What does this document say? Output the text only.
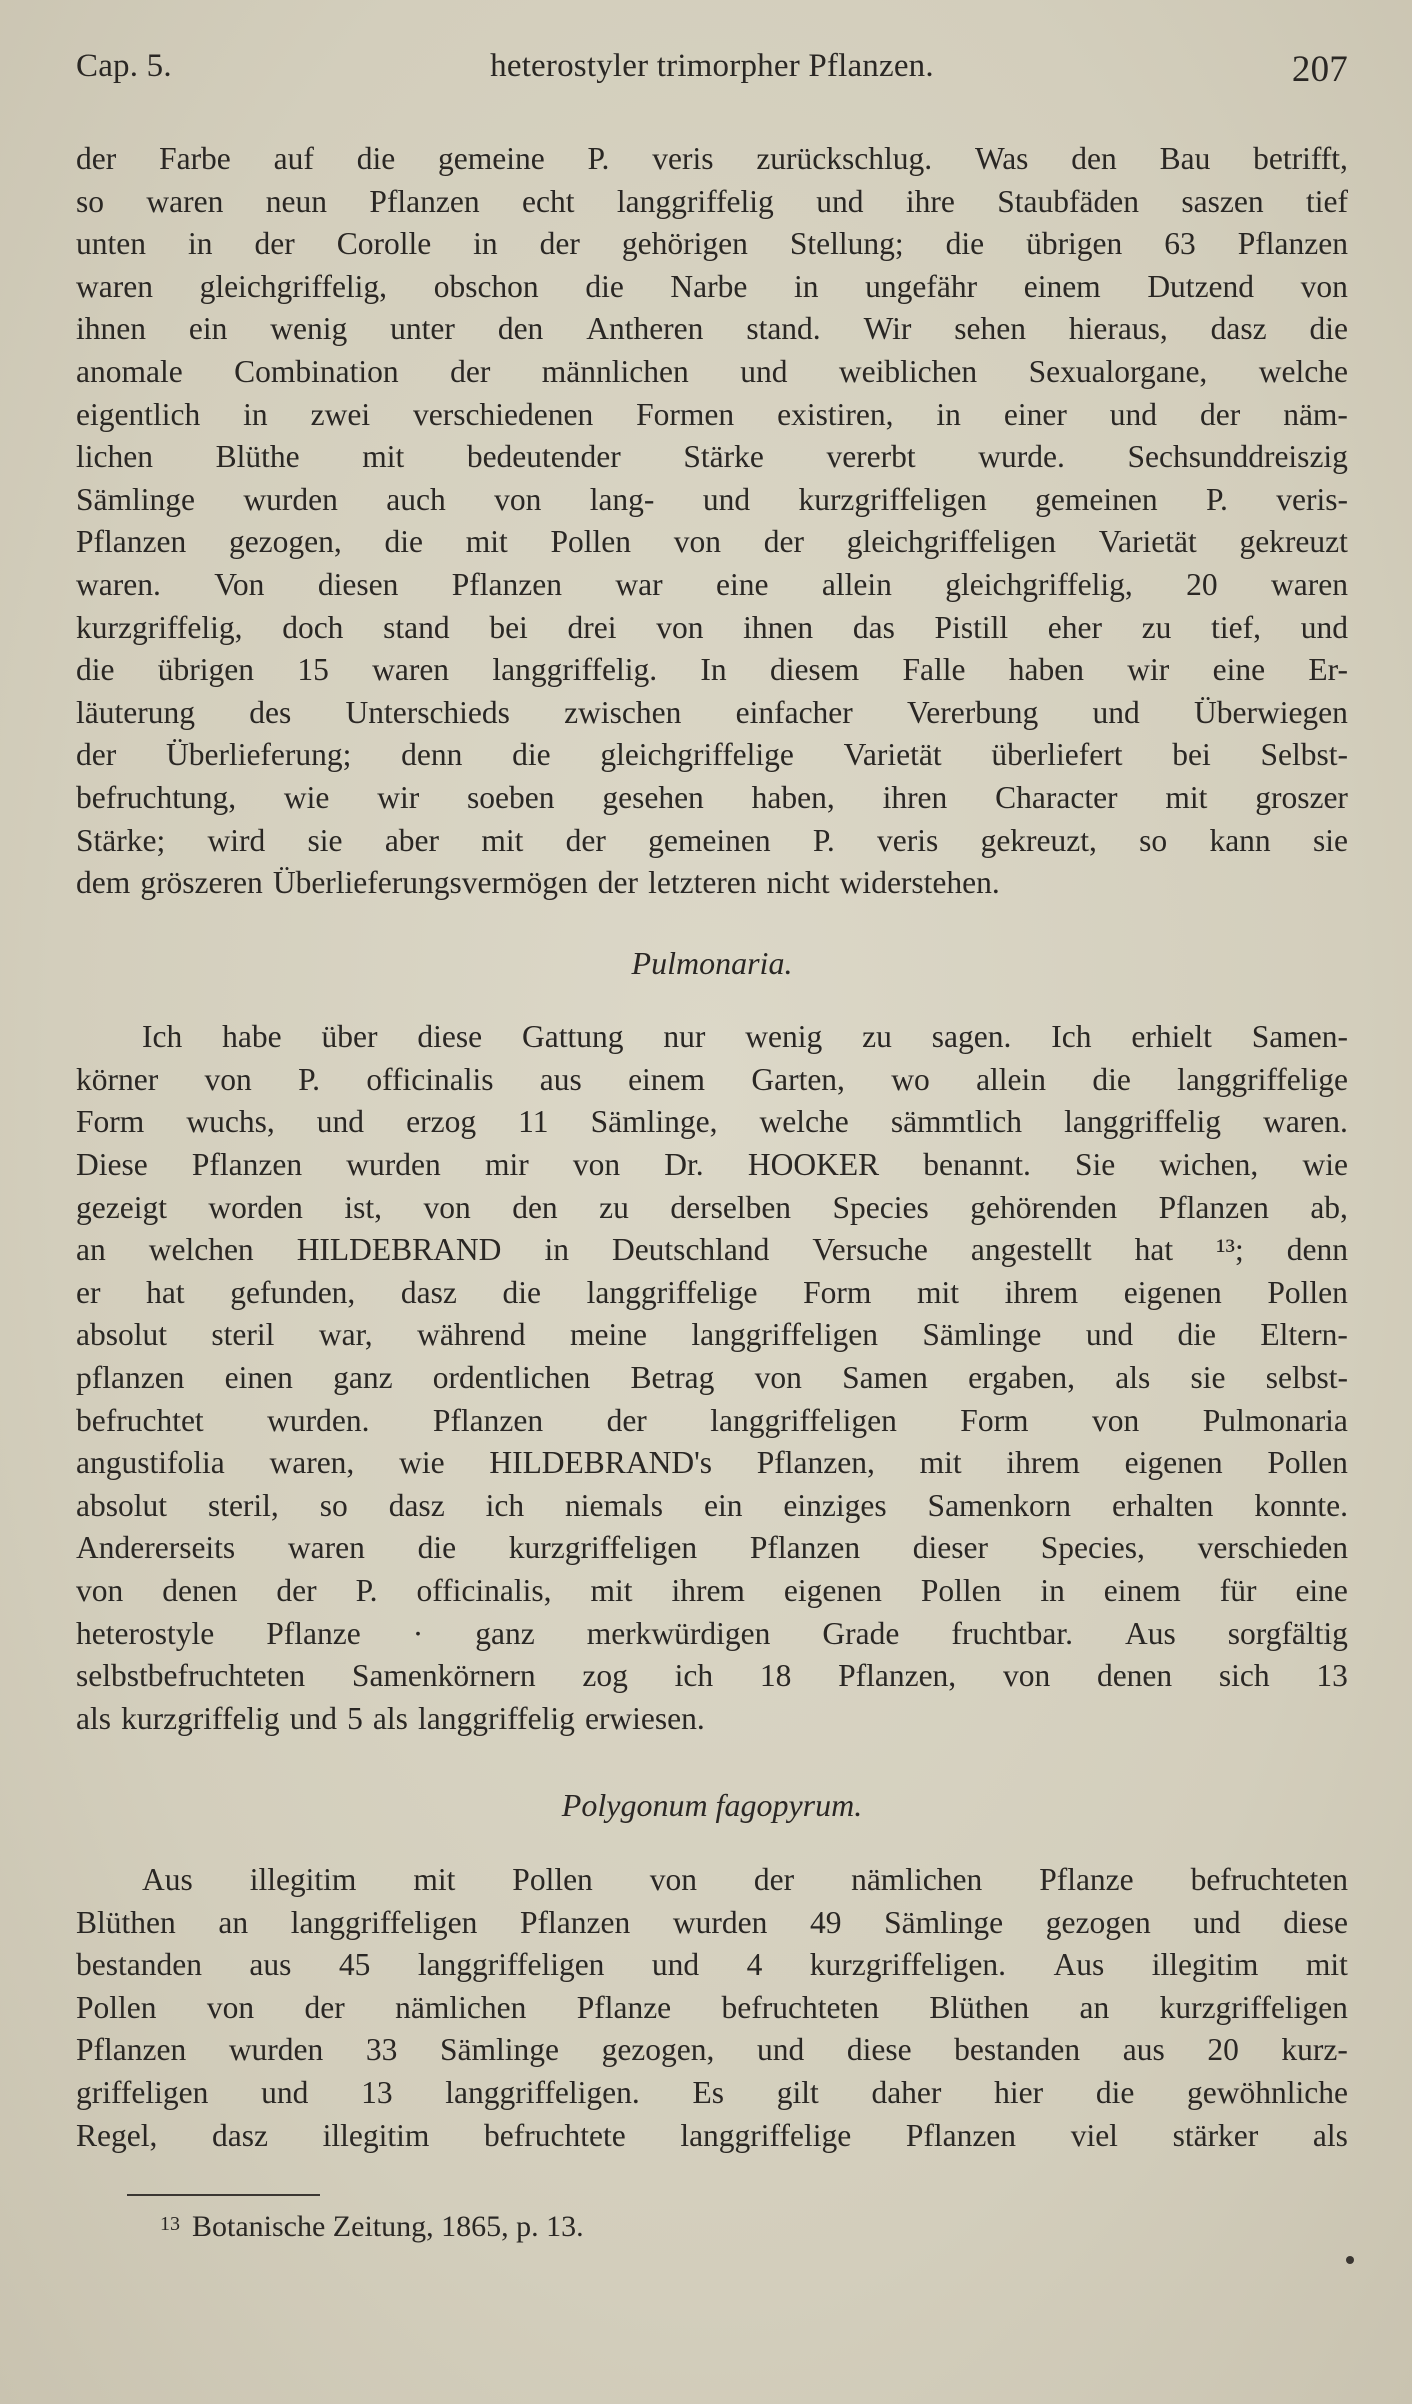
Cap. 5.	heterostyler trimorpher Pflanzen.	207
der Farbe auf die gemeine P. veris zurückschlug. Was den Bau betrifft,
so waren neun Pflanzen echt langgriffelig und ihre Staubfäden saszen tief
unten in der Corolle in der gehörigen Stellung; die übrigen 63 Pflanzen
waren gleichgriffelig, obschon die Narbe in ungefähr einem Dutzend von
ihnen ein wenig unter den Antheren stand. Wir sehen hieraus, dasz die
anomale Combination der männlichen und weiblichen Sexualorgane, welche
eigentlich in zwei verschiedenen Formen existiren, in einer und der näm-
lichen Blüthe mit bedeutender Stärke vererbt wurde. Sechsunddreiszig
Sämlinge wurden auch von lang- und kurzgriffeligen gemeinen P. veris-
Pflanzen gezogen, die mit Pollen von der gleichgriffeligen Varietät gekreuzt
waren. Von diesen Pflanzen war eine allein gleichgriffelig, 20 waren
kurzgriffelig, doch stand bei drei von ihnen das Pistill eher zu tief, und
die übrigen 15 waren langgriffelig. In diesem Falle haben wir eine Er-
läuterung des Unterschieds zwischen einfacher Vererbung und Überwiegen
der Überlieferung; denn die gleichgriffelige Varietät überliefert bei Selbst-
befruchtung, wie wir soeben gesehen haben, ihren Character mit groszer
Stärke; wird sie aber mit der gemeinen P. veris gekreuzt, so kann sie
dem gröszeren Überlieferungsvermögen der letzteren nicht widerstehen.
Pulmonaria.
Ich habe über diese Gattung nur wenig zu sagen. Ich erhielt Samen-
körner von P. officinalis aus einem Garten, wo allein die langgriffelige
Form wuchs, und erzog 11 Sämlinge, welche sämmtlich langgriffelig waren.
Diese Pflanzen wurden mir von Dr. HOOKER benannt. Sie wichen, wie
gezeigt worden ist, von den zu derselben Species gehörenden Pflanzen ab,
an welchen HILDEBRAND in Deutschland Versuche angestellt hat ¹³; denn
er hat gefunden, dasz die langgriffelige Form mit ihrem eigenen Pollen
absolut steril war, während meine langgriffeligen Sämlinge und die Eltern-
pflanzen einen ganz ordentlichen Betrag von Samen ergaben, als sie selbst-
befruchtet wurden. Pflanzen der langgriffeligen Form von Pulmonaria
angustifolia waren, wie HILDEBRAND's Pflanzen, mit ihrem eigenen Pollen
absolut steril, so dasz ich niemals ein einziges Samenkorn erhalten konnte.
Andererseits waren die kurzgriffeligen Pflanzen dieser Species, verschieden
von denen der P. officinalis, mit ihrem eigenen Pollen in einem für eine
heterostyle Pflanze · ganz merkwürdigen Grade fruchtbar. Aus sorgfältig
selbstbefruchteten Samenkörnern zog ich 18 Pflanzen, von denen sich 13
als kurzgriffelig und 5 als langgriffelig erwiesen.
Polygonum fagopyrum.
Aus illegitim mit Pollen von der nämlichen Pflanze befruchteten
Blüthen an langgriffeligen Pflanzen wurden 49 Sämlinge gezogen und diese
bestanden aus 45 langgriffeligen und 4 kurzgriffeligen. Aus illegitim mit
Pollen von der nämlichen Pflanze befruchteten Blüthen an kurzgriffeligen
Pflanzen wurden 33 Sämlinge gezogen, und diese bestanden aus 20 kurz-
griffeligen und 13 langgriffeligen. Es gilt daher hier die gewöhnliche
Regel, dasz illegitim befruchtete langgriffelige Pflanzen viel stärker als
$^{13}$ Botanische Zeitung, 1865, p. 13.
